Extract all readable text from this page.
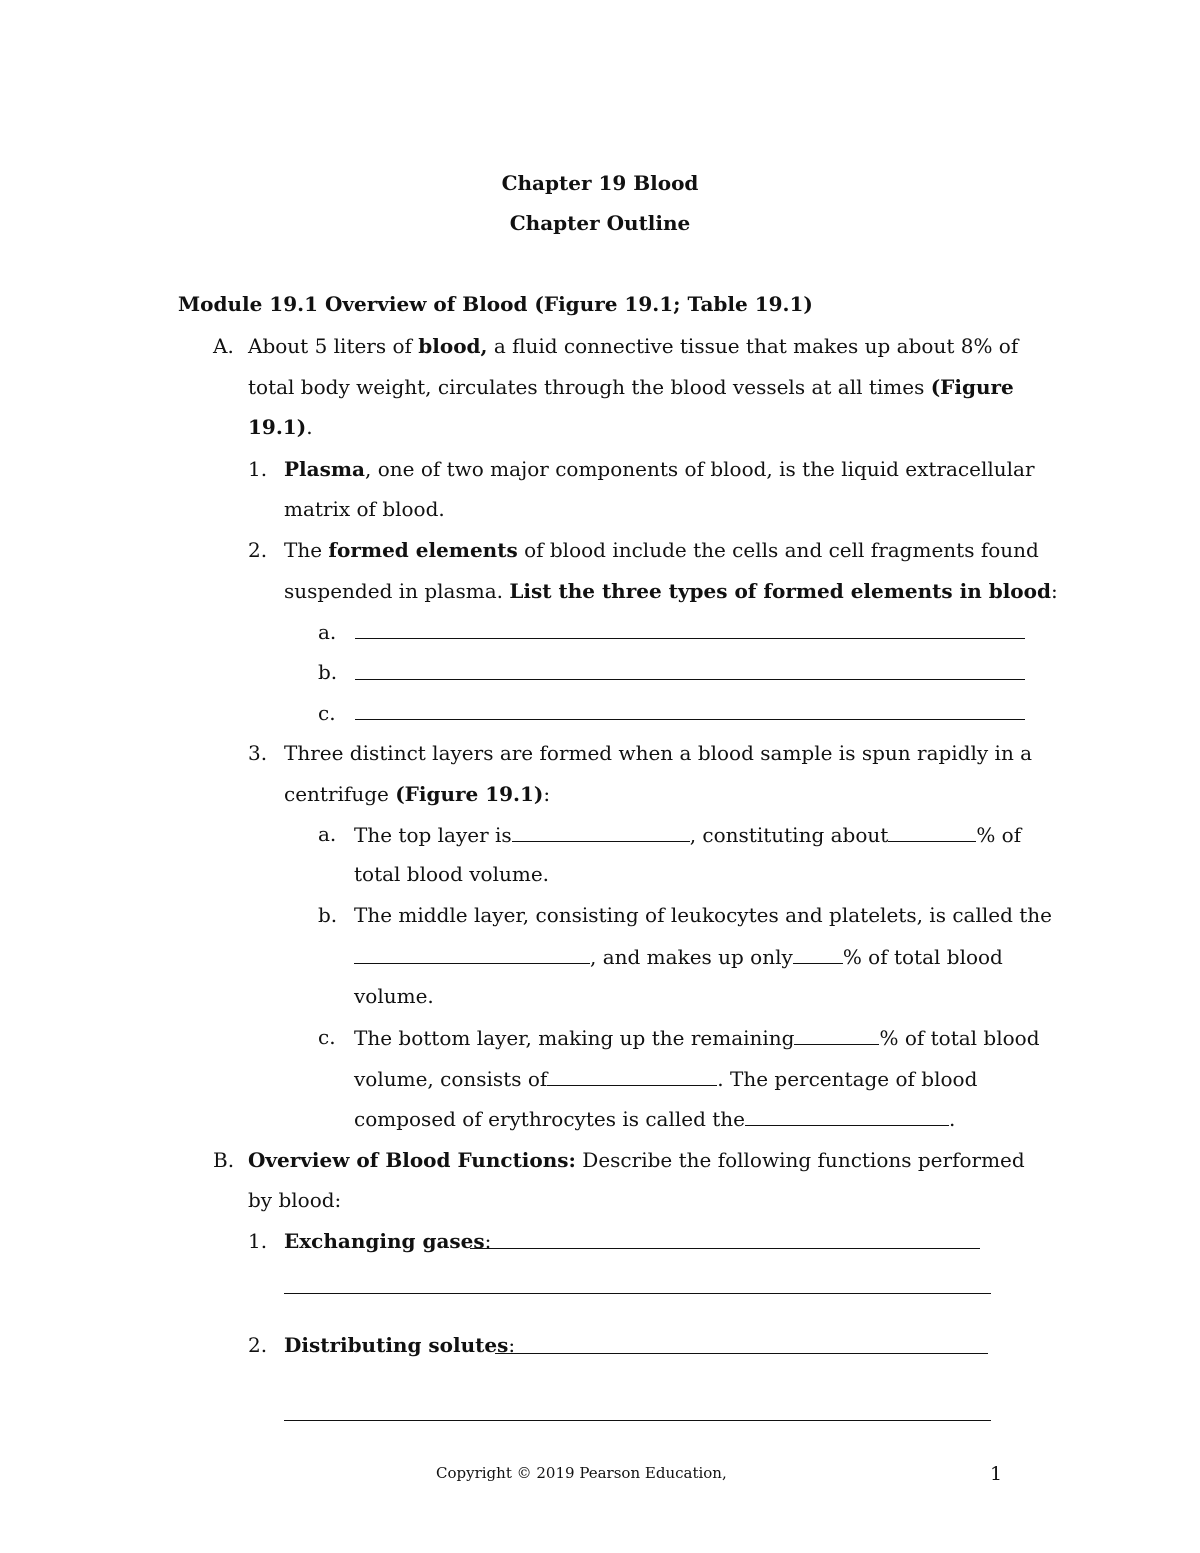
Chapter 19 Blood
Chapter Outline
Module 19.1 Overview of Blood (Figure 19.1; Table 19.1)
A. About 5 liters of blood, a fluid connective tissue that makes up about 8% of
total body weight, circulates through the blood vessels at all times (Figure
19.1).
1. Plasma, one of two major components of blood, is the liquid extracellular
matrix of blood.
2. The formed elements of blood include the cells and cell fragments found
suspended in plasma. List the three types of formed elements in blood:
a.
b.
c.
3. Three distinct layers are formed when a blood sample is spun rapidly in a
centrifuge (Figure 19.1):
a. The top layer is	, constituting about	% of
total blood volume.
b. The middle layer, consisting of leukocytes and platelets, is called the
, and makes up only	% of total blood
volume.
c. The bottom layer, making up the remaining	% of total blood
volume, consists of	. The percentage of blood
composed of erythrocytes is called the	.
B. Overview of Blood Functions: Describe the following functions performed
by blood:
1. Exchanging gases:
2. Distributing solutes:
Copyright © 2019 Pearson Education,	1
